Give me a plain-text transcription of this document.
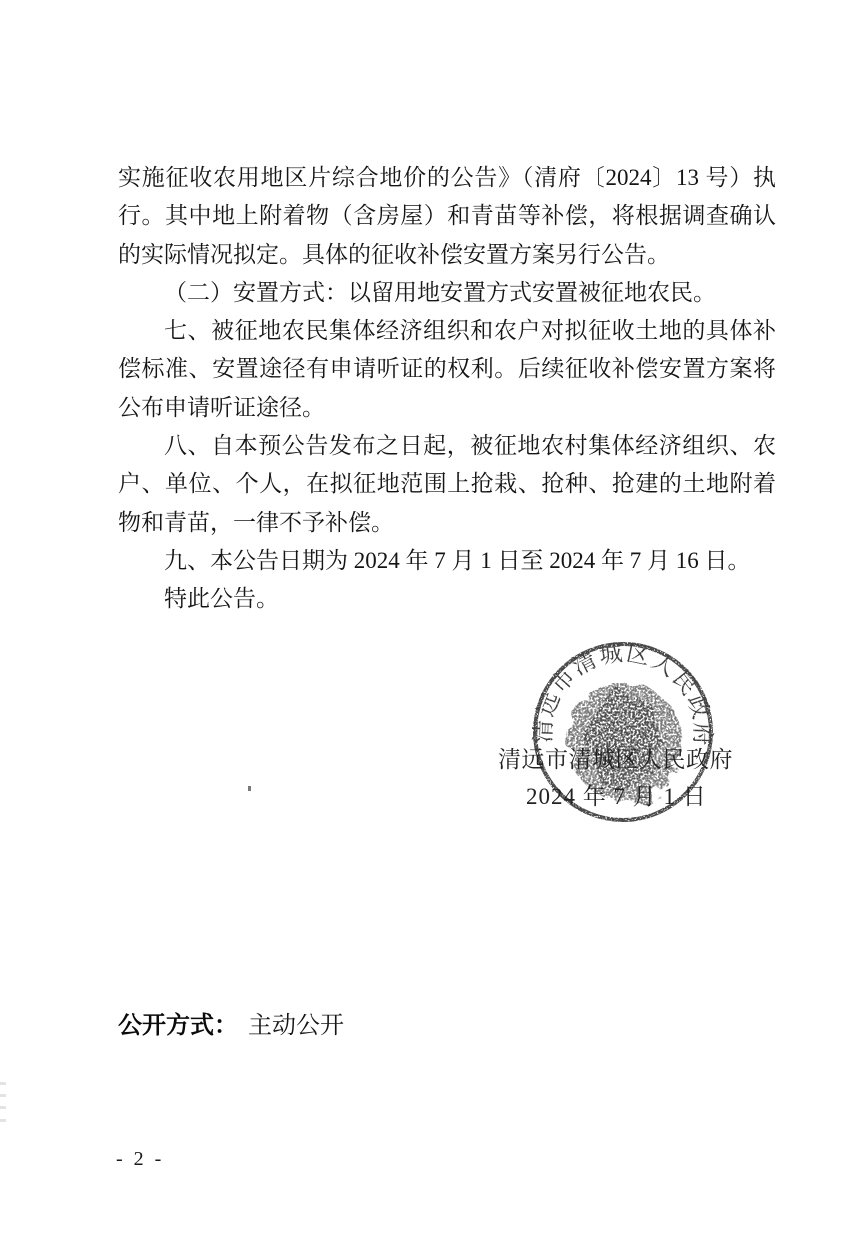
实施征收农用地区片综合地价的公告》（清府〔2024〕13 号）执

行。其中地上附着物（含房屋）和青苗等补偿，将根据调查确认

的实际情况拟定。具体的征收补偿安置方案另行公告。

（二）安置方式：以留用地安置方式安置被征地农民。

七、被征地农民集体经济组织和农户对拟征收土地的具体补

偿标准、安置途径有申请听证的权利。后续征收补偿安置方案将

公布申请听证途径。

八、自本预公告发布之日起，被征地农村集体经济组织、农

户、单位、个人，在拟征地范围上抢栽、抢种、抢建的土地附着

物和青苗，一律不予补偿。

九、本公告日期为 2024 年 7 月 1 日至 2024 年 7 月 16 日。

特此公告。

清远市清城区人民政府
清远市清城区人民政府
2024 年 7 月 1 日
公开方式： 主动公开
- 2 -
